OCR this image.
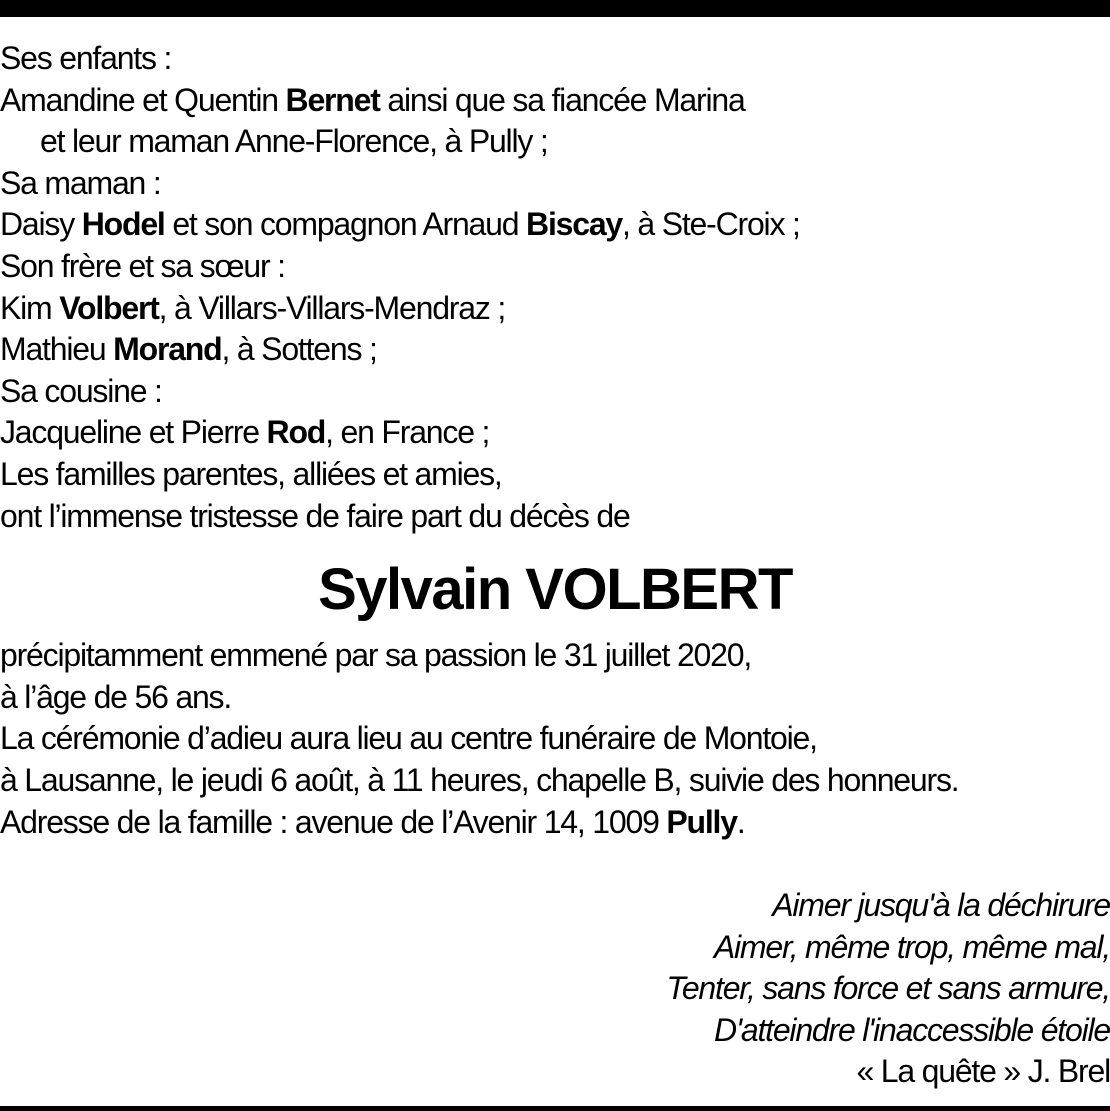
Ses enfants :
Amandine et Quentin Bernet ainsi que sa fiancée Marina
et leur maman Anne-Florence, à Pully ;
Sa maman :
Daisy Hodel et son compagnon Arnaud Biscay, à Ste-Croix ;
Son frère et sa sœur :
Kim Volbert, à Villars-Villars-Mendraz ;
Mathieu Morand, à Sottens ;
Sa cousine :
Jacqueline et Pierre Rod, en France ;
Les familles parentes, alliées et amies,
ont l’immense tristesse de faire part du décès de
Sylvain VOLBERT
précipitamment emmené par sa passion le 31 juillet 2020,
à l’âge de 56 ans.
La cérémonie d’adieu aura lieu au centre funéraire de Montoie,
à Lausanne, le jeudi 6 août, à 11 heures, chapelle B, suivie des honneurs.
Adresse de la famille : avenue de l’Avenir 14, 1009 Pully.
Aimer jusqu'à la déchirure
Aimer, même trop, même mal,
Tenter, sans force et sans armure,
D'atteindre l'inaccessible étoile
« La quête » J. Brel
